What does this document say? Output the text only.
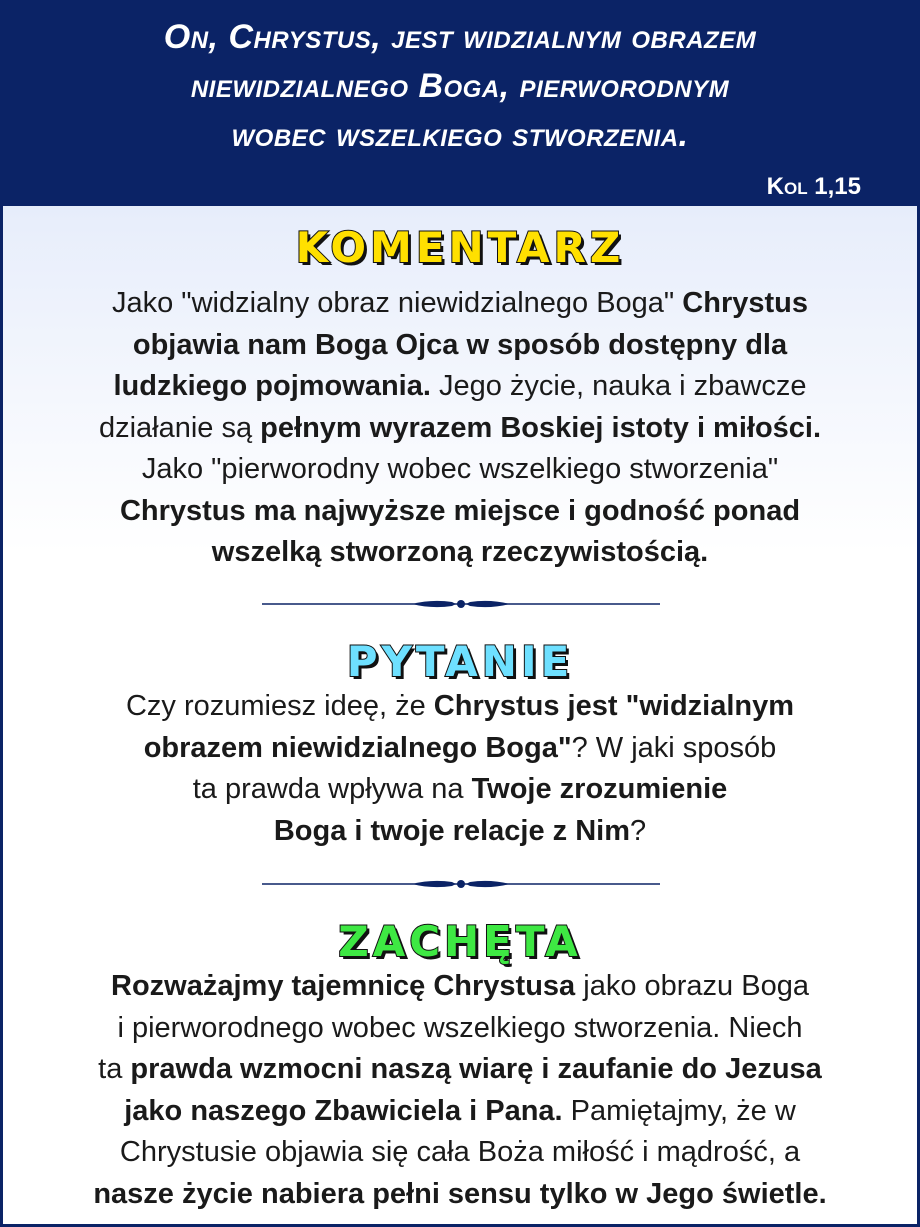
On, Chrystus, jest widzialnym obrazem
niewidzialnego Boga, pierworodnym
wobec wszelkiego stworzenia.
Kol 1,15
KOMENTARZ
Jako "widzialny obraz niewidzialnego Boga" Chrystus
objawia nam Boga Ojca w sposób dostępny dla
ludzkiego pojmowania. Jego życie, nauka i zbawcze
działanie są pełnym wyrazem Boskiej istoty i miłości.
Jako "pierworodny wobec wszelkiego stworzenia"
Chrystus ma najwyższe miejsce i godność ponad
wszelką stworzoną rzeczywistością.
PYTANIE
Czy rozumiesz ideę, że Chrystus jest "widzialnym
obrazem niewidzialnego Boga"? W jaki sposób
ta prawda wpływa na Twoje zrozumienie
Boga i twoje relacje z Nim?
ZACHĘTA
Rozważajmy tajemnicę Chrystusa jako obrazu Boga
i pierworodnego wobec wszelkiego stworzenia. Niech
ta prawda wzmocni naszą wiarę i zaufanie do Jezusa
jako naszego Zbawiciela i Pana. Pamiętajmy, że w
Chrystusie objawia się cała Boża miłość i mądrość, a
nasze życie nabiera pełni sensu tylko w Jego świetle.
